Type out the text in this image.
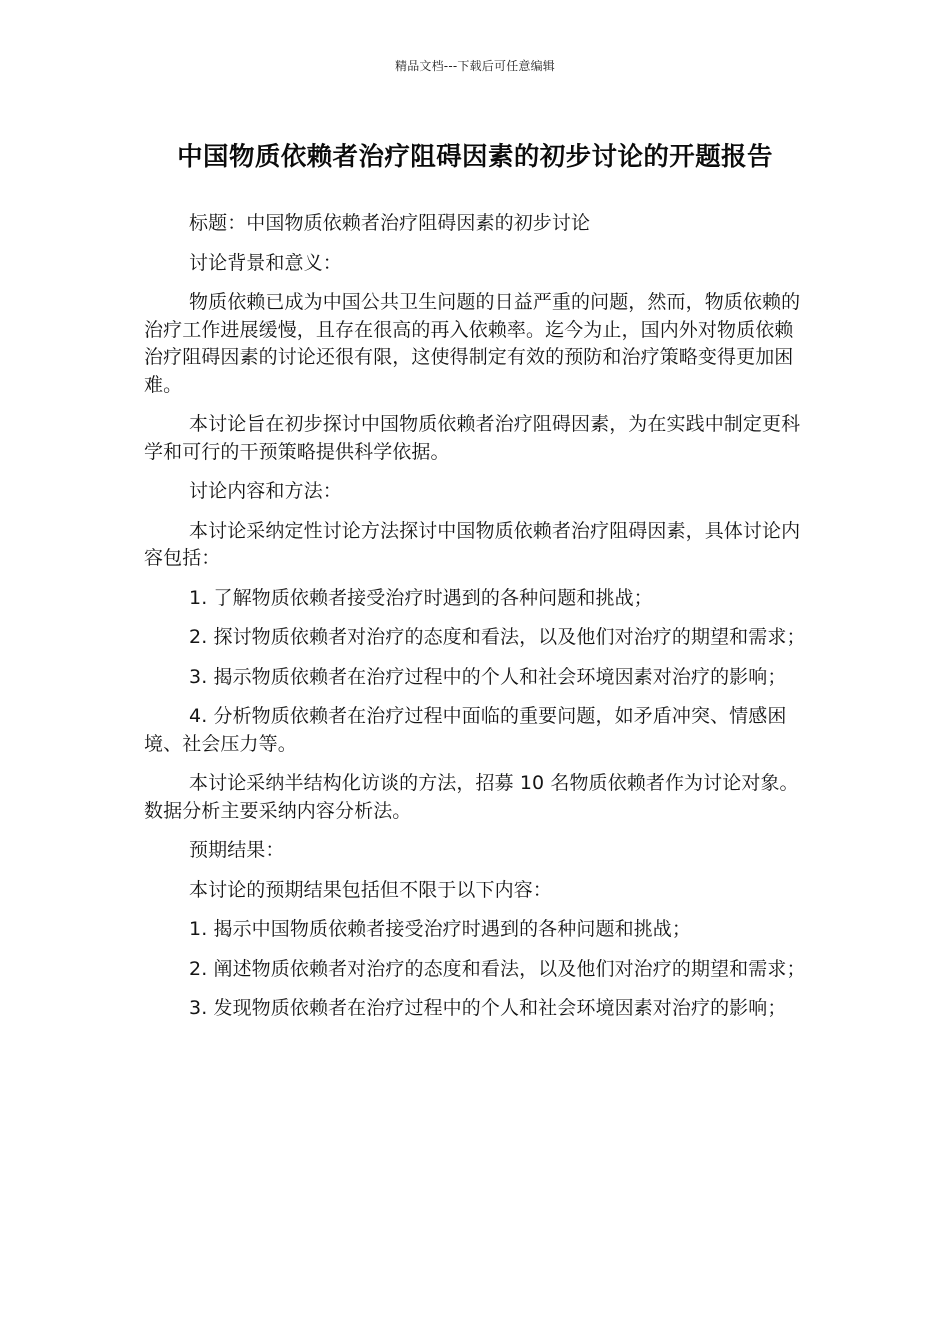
精品文档---下载后可任意编辑
中国物质依赖者治疗阻碍因素的初步讨论的开题报告

标题：中国物质依赖者治疗阻碍因素的初步讨论

讨论背景和意义：

物质依赖已成为中国公共卫生问题的日益严重的问题，然而，物质依赖的治疗工作进展缓慢，且存在很高的再入依赖率。迄今为止，国内外对物质依赖治疗阻碍因素的讨论还很有限，这使得制定有效的预防和治疗策略变得更加困难。

本讨论旨在初步探讨中国物质依赖者治疗阻碍因素，为在实践中制定更科学和可行的干预策略提供科学依据。

讨论内容和方法：

本讨论采纳定性讨论方法探讨中国物质依赖者治疗阻碍因素，具体讨论内容包括：

1. 了解物质依赖者接受治疗时遇到的各种问题和挑战；

2. 探讨物质依赖者对治疗的态度和看法，以及他们对治疗的期望和需求；

3. 揭示物质依赖者在治疗过程中的个人和社会环境因素对治疗的影响；

4. 分析物质依赖者在治疗过程中面临的重要问题，如矛盾冲突、情感困境、社会压力等。

本讨论采纳半结构化访谈的方法，招募 10 名物质依赖者作为讨论对象。数据分析主要采纳内容分析法。

预期结果：

本讨论的预期结果包括但不限于以下内容：

1. 揭示中国物质依赖者接受治疗时遇到的各种问题和挑战；

2. 阐述物质依赖者对治疗的态度和看法，以及他们对治疗的期望和需求；

3. 发现物质依赖者在治疗过程中的个人和社会环境因素对治疗的影响；
